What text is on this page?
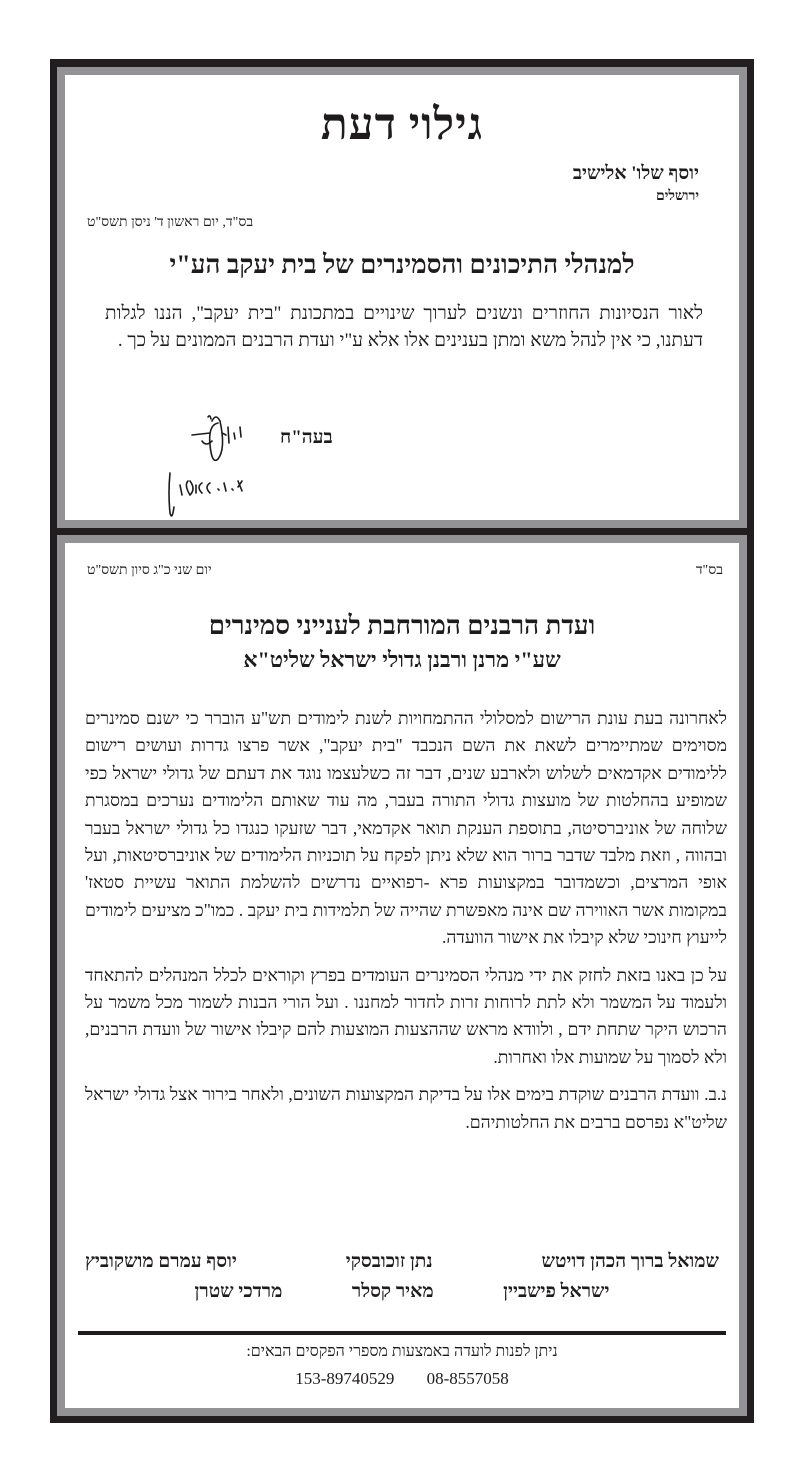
גילוי דעת
יוסף שלו' אלישיב
ירושלים
בס"ד, יום ראשון ד' ניסן תשס"ט
למנהלי התיכונים והסמינרים של בית יעקב הע"י
לאור הנסיונות החוזרים ונשנים לערוך שינויים במתכונת "בית יעקב", הננו לגלות דעתנו, כי אין לנהל משא ומתן בענינים אלו אלא ע"י ועדת הרבנים הממונים על כך .
בעה"ח
בס"ד
יום שני כ"ג סיון תשס"ט
ועדת הרבנים המורחבת לענייני סמינרים
שע"י מרנן ורבנן גדולי ישראל שליט"א

לאחרונה בעת עונת הרישום למסלולי ההתמחויות לשנת לימודים תש"ע הוברר כי ישנם סמינרים מסוימים שמתיימרים לשאת את השם הנכבד "בית יעקב", אשר פרצו גדרות ועושים רישום ללימודים אקדמאים לשלוש ולארבע שנים, דבר זה כשלעצמו נוגד את דעתם של גדולי ישראל כפי שמופיע בהחלטות של מועצות גדולי התורה בעבר, מה עוד שאותם הלימודים נערכים במסגרת שלוחה של אוניברסיטה, בתוספת הענקת תואר אקדמאי, דבר שזעקו כנגדו כל גדולי ישראל בעבר ובהווה , וזאת מלבד שדבר ברור הוא שלא ניתן לפקח על תוכניות הלימודים של אוניברסיטאות, ועל אופי המרצים, וכשמדובר במקצועות פרא -רפואיים נדרשים להשלמת התואר עשיית סטאז' במקומות אשר האווירה שם אינה מאפשרת שהייה של תלמידות בית יעקב . כמו"כ מציעים לימודים לייעוץ חינוכי שלא קיבלו את אישור הוועדה.

על כן באנו בזאת לחזק את ידי מנהלי הסמינרים העומדים בפרץ וקוראים לכלל המנהלים להתאחד ולעמוד על המשמר ולא לתת לרוחות זרות לחדור למחננו . ועל הורי הבנות לשמור מכל משמר על הרכוש היקר שתחת ידם , ולוודא מראש שההצעות המוצעות להם קיבלו אישור של וועדת הרבנים, ולא לסמוך על שמועות אלו ואחרות.

נ.ב. וועדת הרבנים שוקדת בימים אלו על בדיקת המקצועות השונים, ולאחר בירור אצל גדולי ישראל שליט"א נפרסם ברבים את החלטותיהם.

שמואל ברוך הכהן דויטש
נתן זוכובסקי
יוסף עמרם מושקוביץ
ישראל פישביין
מאיר קסלר
מרדכי שטרן
ניתן לפנות לועדה באמצעות מספרי הפקסים הבאים:
153-89740529 08-8557058
